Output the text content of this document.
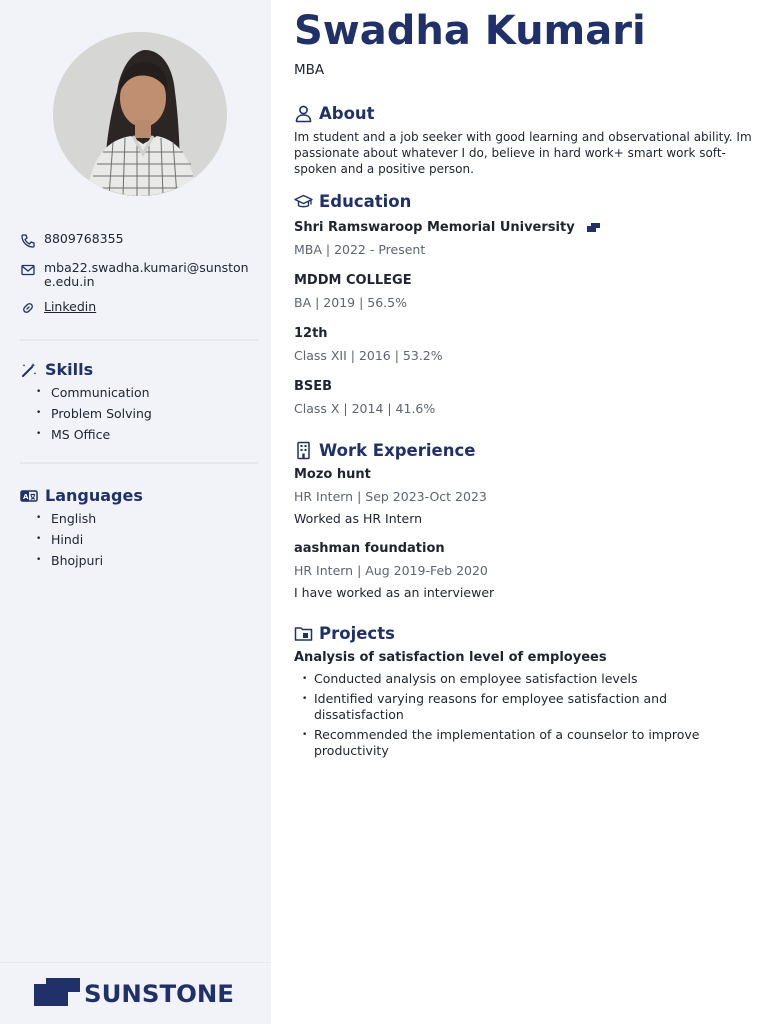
8809768355
mba22.swadha.kumari@sunstone.edu.in
Linkedin
Skills
• Communication
• Problem Solving
• MS Office
A Languages
• English
• Hindi
• Bhojpuri
SUNSTONE
Swadha Kumari
MBA
About

Im student and a job seeker with good learning and observational ability. Im passionate about whatever I do, believe in hard work+ smart work soft-spoken and a positive person.

Education
Shri Ramswaroop Memorial University
MBA | 2022 - Present
MDDM COLLEGE
BA | 2019 | 56.5%
12th
Class XII | 2016 | 53.2%
BSEB
Class X | 2014 | 41.6%
Work Experience
Mozo hunt
HR Intern | Sep 2023-Oct 2023
Worked as HR Intern
aashman foundation
HR Intern | Aug 2019-Feb 2020
I have worked as an interviewer
Projects
Analysis of satisfaction level of employees
• Conducted analysis on employee satisfaction levels
• Identified varying reasons for employee satisfaction and dissatisfaction
• Recommended the implementation of a counselor to improve productivity
